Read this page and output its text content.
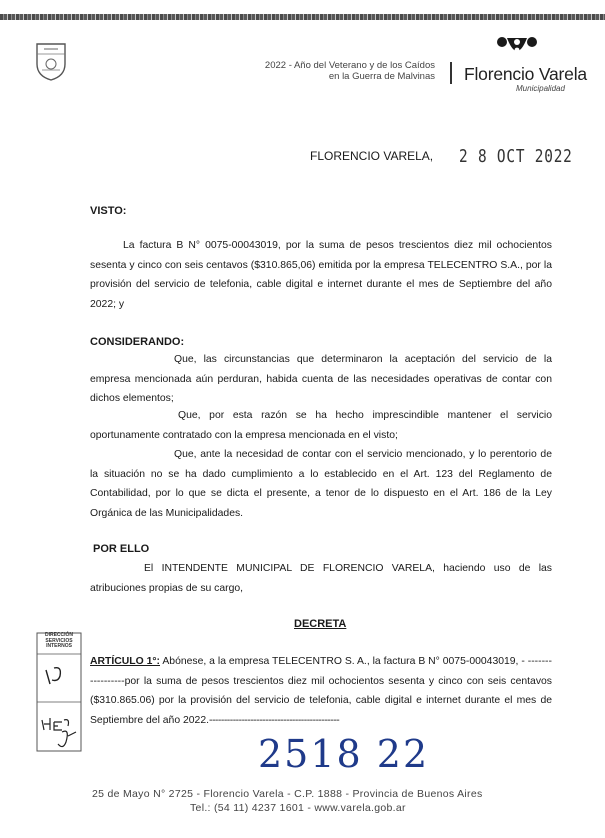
2022 - Año del Veterano y de los Caídos
en la Guerra de Malvinas Florencio Varela
Municipalidad
FLORENCIO VARELA, 2 8 OCT 2022
VISTO:
La factura B N° 0075-00043019, por la suma de pesos trescientos diez mil ochocientos sesenta y cinco con seis centavos ($310.865,06) emitida por la empresa TELECENTRO S.A., por la provisión del servicio de telefonia, cable digital e internet durante el mes de Septiembre del año 2022; y
CONSIDERANDO:
Que, las circunstancias que determinaron la aceptación del servicio de la empresa mencionada aún perduran, habida cuenta de las necesidades operativas de contar con dichos elementos;
Que, por esta razón se ha hecho imprescindible mantener el servicio oportunamente contratado con la empresa mencionada en el visto;
Que, ante la necesidad de contar con el servicio mencionado, y lo perentorio de la situación no se ha dado cumplimiento a lo establecido en el Art. 123 del Reglamento de Contabilidad, por lo que se dicta el presente, a tenor de lo dispuesto en el Art. 186 de la Ley Orgánica de las Municipalidades.
POR ELLO
El INTENDENTE MUNICIPAL DE FLORENCIO VARELA, haciendo uso de las atribuciones propias de su cargo,
DECRETA
ARTÍCULO 1°: Abónese, a la empresa TELECENTRO S. A., la factura B N° 0075-00043019, - -----------------por la suma de pesos trescientos diez mil ochocientos sesenta y cinco con seis centavos ($310.865.06) por la provisión del servicio de telefonia, cable digital e internet durante el mes de Septiembre del año 2022.--------------------------------------------
DIRECCIÓN SERVICIOS INTERNOS
2518 22
25 de Mayo N° 2725 - Florencio Varela - C.P. 1888 - Provincia de Buenos Aires
Tel.: (54 11) 4237 1601 - www.varela.gob.ar
